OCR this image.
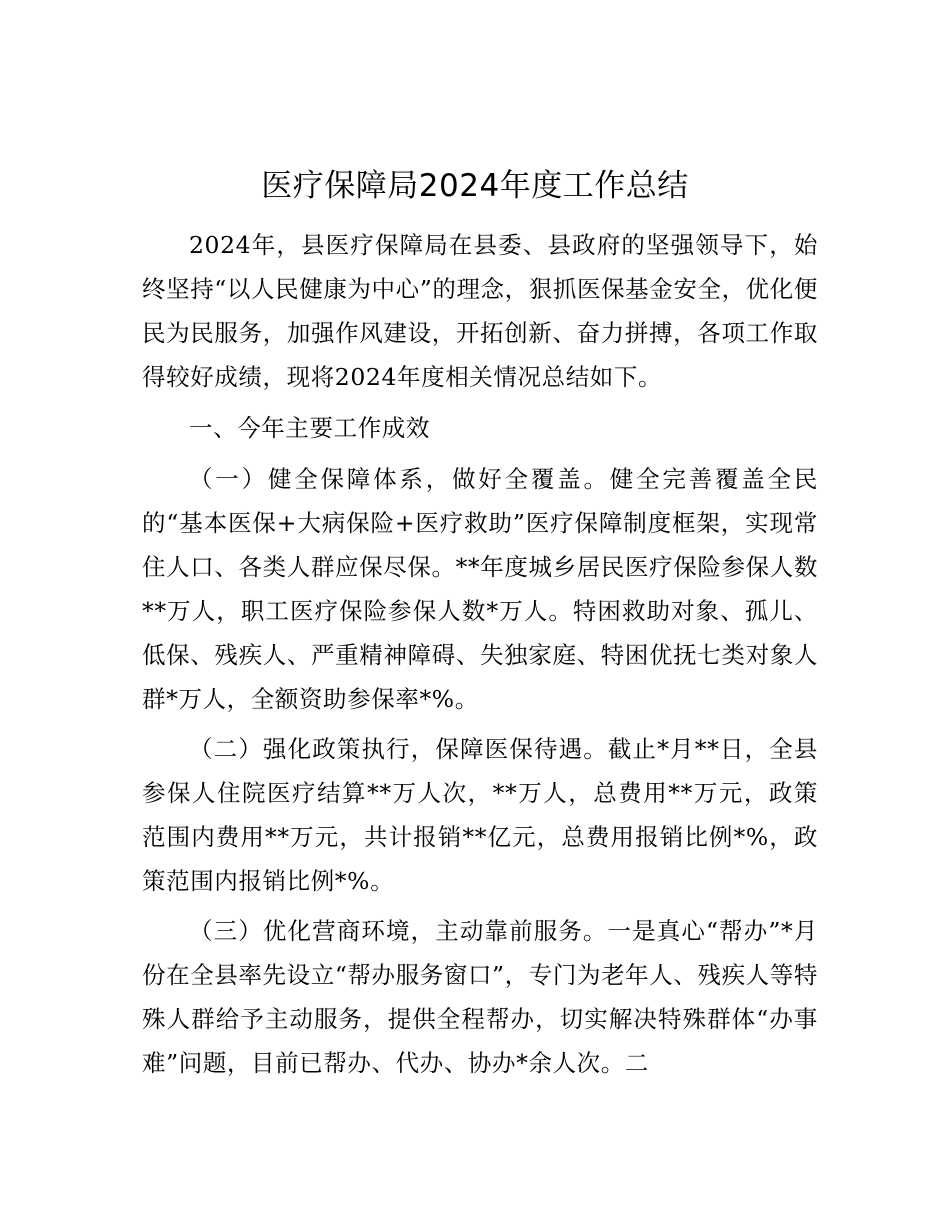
医疗保障局2024年度工作总结

2024年，县医疗保障局在县委、县政府的坚强领导下，始终坚持“以人民健康为中心”的理念，狠抓医保基金安全，优化便民为民服务，加强作风建设，开拓创新、奋力拼搏，各项工作取得较好成绩，现将2024年度相关情况总结如下。

一、今年主要工作成效

（一）健全保障体系，做好全覆盖。健全完善覆盖全民的“基本医保+大病保险+医疗救助”医疗保障制度框架，实现常住人口、各类人群应保尽保。**年度城乡居民医疗保险参保人数**万人，职工医疗保险参保人数*万人。特困救助对象、孤儿、低保、残疾人、严重精神障碍、失独家庭、特困优抚七类对象人群*万人，全额资助参保率*%。

（二）强化政策执行，保障医保待遇。截止*月**日，全县参保人住院医疗结算**万人次，**万人，总费用**万元，政策范围内费用**万元，共计报销**亿元，总费用报销比例*%，政策范围内报销比例*%。

（三）优化营商环境，主动靠前服务。一是真心“帮办”*月份在全县率先设立“帮办服务窗口”，专门为老年人、残疾人等特殊人群给予主动服务，提供全程帮办，切实解决特殊群体“办事难”问题，目前已帮办、代办、协办*余人次。二
